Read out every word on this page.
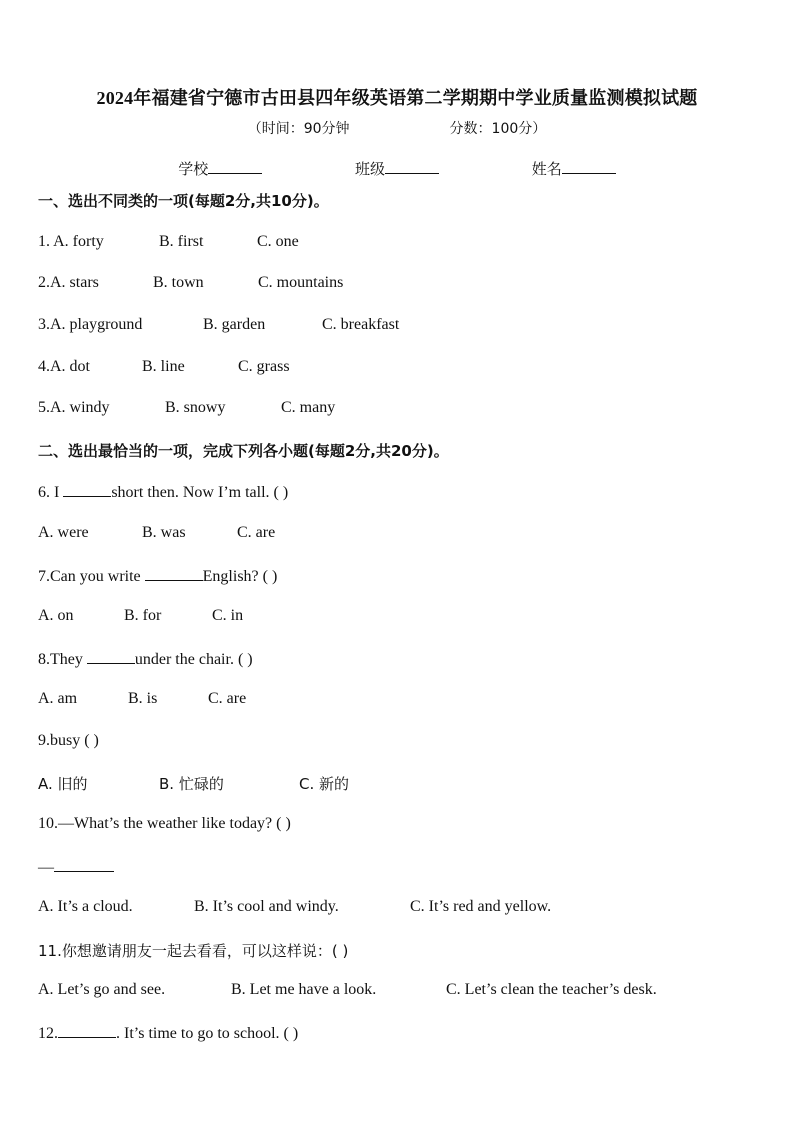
2024年福建省宁德市古田县四年级英语第二学期期中学业质量监测模拟试题
（时间：90分钟	分数：100分）
学校	班级	姓名
一、选出不同类的一项(每题2分,共10分)。
1. A. forty	B. first	C. one
2.A. stars	B. town	C. mountains
3.A. playground	B. garden	C. breakfast
4.A. dot	B. line	C. grass
5.A. windy	B. snowy	C. many
二、选出最恰当的一项，完成下列各小题(每题2分,共20分)。
6. I	short then. Now I’m tall. ( )
A. were	B. was	C. are
7.Can you write	English? ( )
A. on	B. for	C. in
8.They	under the chair. ( )
A. am	B. is	C. are
9.busy ( )
A. 旧的	B. 忙碌的	C. 新的
10.—What’s the weather like today? ( )
—
A. It’s a cloud.	B. It’s cool and windy.	C. It’s red and yellow.
11.你想邀请朋友一起去看看，可以这样说：( )
A. Let’s go and see.	B. Let me have a look.	C. Let’s clean the teacher’s desk.
12.	. It’s time to go to school. ( )
